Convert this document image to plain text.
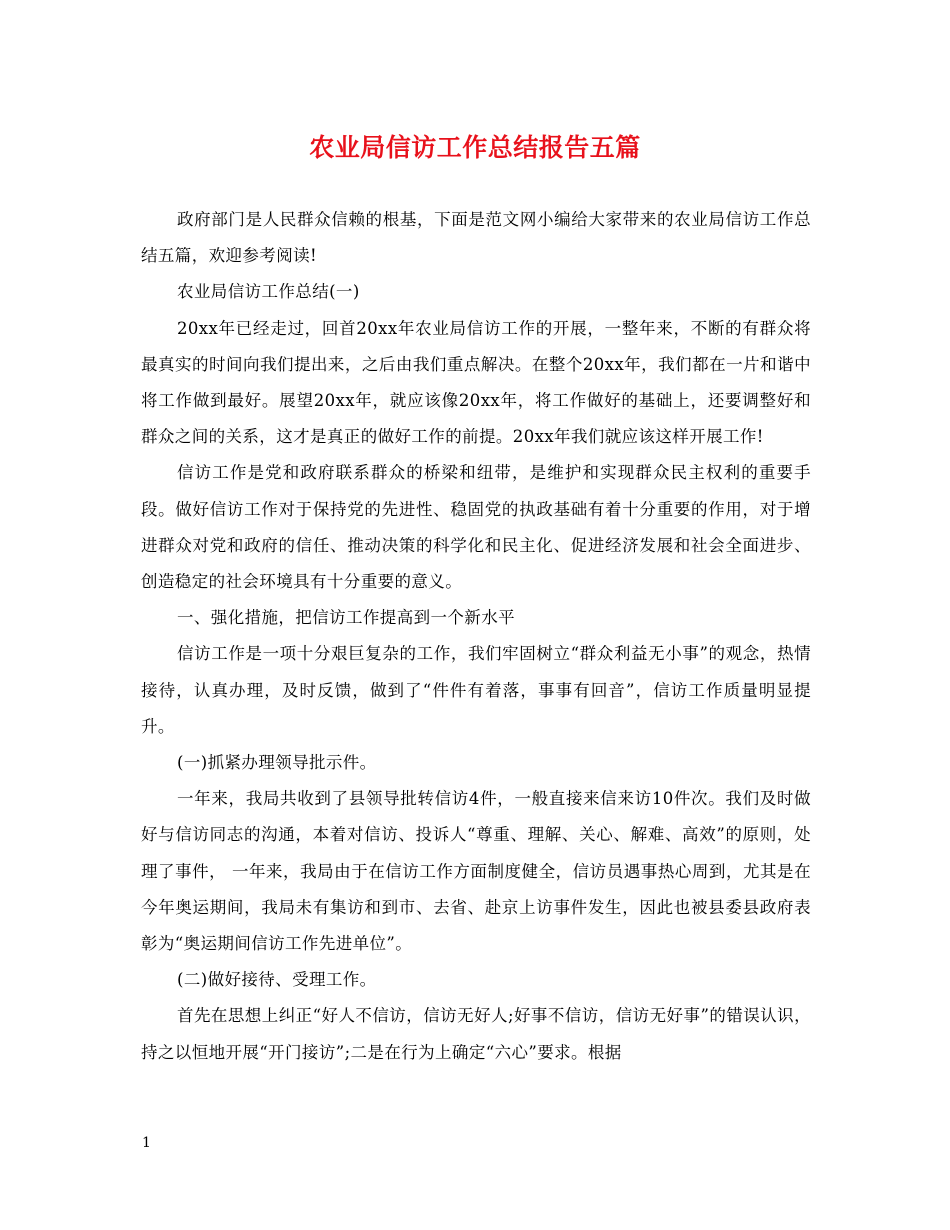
农业局信访工作总结报告五篇

政府部门是人民群众信赖的根基，下面是范文网小编给大家带来的农业局信访工作总结五篇，欢迎参考阅读!

农业局信访工作总结(一)

20xx年已经走过，回首20xx年农业局信访工作的开展，一整年来，不断的有群众将最真实的时间向我们提出来，之后由我们重点解决。在整个20xx年，我们都在一片和谐中将工作做到最好。展望20xx年，就应该像20xx年，将工作做好的基础上，还要调整好和群众之间的关系，这才是真正的做好工作的前提。20xx年我们就应该这样开展工作!

信访工作是党和政府联系群众的桥梁和纽带，是维护和实现群众民主权利的重要手段。做好信访工作对于保持党的先进性、稳固党的执政基础有着十分重要的作用，对于增进群众对党和政府的信任、推动决策的科学化和民主化、促进经济发展和社会全面进步、创造稳定的社会环境具有十分重要的意义。

一、强化措施，把信访工作提高到一个新水平

信访工作是一项十分艰巨复杂的工作，我们牢固树立“群众利益无小事”的观念，热情接待，认真办理，及时反馈，做到了“件件有着落，事事有回音”，信访工作质量明显提升。

(一)抓紧办理领导批示件。

一年来，我局共收到了县领导批转信访4件，一般直接来信来访10件次。我们及时做好与信访同志的沟通，本着对信访、投诉人“尊重、理解、关心、解难、高效”的原则，处理了事件， 一年来，我局由于在信访工作方面制度健全，信访员遇事热心周到，尤其是在今年奥运期间，我局未有集访和到市、去省、赴京上访事件发生，因此也被县委县政府表彰为“奥运期间信访工作先进单位”。

(二)做好接待、受理工作。

首先在思想上纠正“好人不信访，信访无好人;好事不信访，信访无好事”的错误认识，持之以恒地开展“开门接访”;二是在行为上确定“六心”要求。根据

1
